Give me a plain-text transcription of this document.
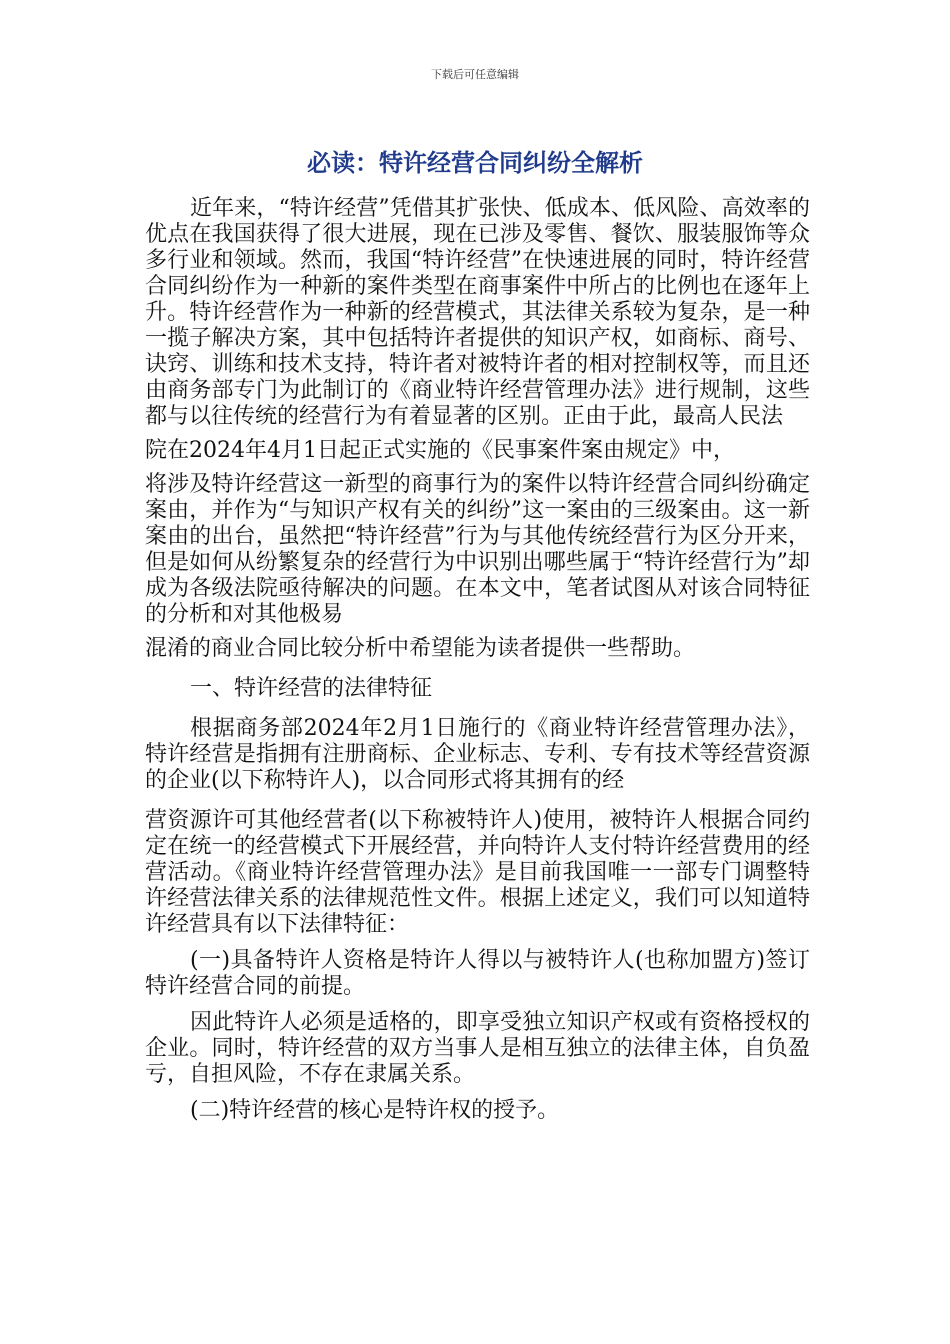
下载后可任意编辑
必读：特许经营合同纠纷全解析

近年来，“特许经营”凭借其扩张快、低成本、低风险、高效率的优点在我国获得了很大进展，现在已涉及零售、餐饮、服装服饰等众多行业和领域。然而，我国“特许经营”在快速进展的同时，特许经营合同纠纷作为一种新的案件类型在商事案件中所占的比例也在逐年上升。特许经营作为一种新的经营模式，其法律关系较为复杂，是一种一揽子解决方案，其中包括特许者提供的知识产权，如商标、商号、诀窍、训练和技术支持，特许者对被特许者的相对控制权等，而且还由商务部专门为此制订的《商业特许经营管理办法》进行规制，这些都与以往传统的经营行为有着显著的区别。正由于此，最高人民法

院在2024年4月1日起正式实施的《民事案件案由规定》中，

将涉及特许经营这一新型的商事行为的案件以特许经营合同纠纷确定案由，并作为“与知识产权有关的纠纷”这一案由的三级案由。这一新案由的出台，虽然把“特许经营”行为与其他传统经营行为区分开来，但是如何从纷繁复杂的经营行为中识别出哪些属于“特许经营行为”却成为各级法院亟待解决的问题。在本文中，笔者试图从对该合同特征的分析和对其他极易

混淆的商业合同比较分析中希望能为读者提供一些帮助。

一、特许经营的法律特征

根据商务部2024年2月1日施行的《商业特许经营管理办法》，特许经营是指拥有注册商标、企业标志、专利、专有技术等经营资源的企业(以下称特许人)，以合同形式将其拥有的经

营资源许可其他经营者(以下称被特许人)使用，被特许人根据合同约定在统一的经营模式下开展经营，并向特许人支付特许经营费用的经营活动。《商业特许经营管理办法》是目前我国唯一一部专门调整特许经营法律关系的法律规范性文件。根据上述定义，我们可以知道特许经营具有以下法律特征：

(一)具备特许人资格是特许人得以与被特许人(也称加盟方)签订特许经营合同的前提。

因此特许人必须是适格的，即享受独立知识产权或有资格授权的企业。同时，特许经营的双方当事人是相互独立的法律主体，自负盈亏，自担风险，不存在隶属关系。

(二)特许经营的核心是特许权的授予。
